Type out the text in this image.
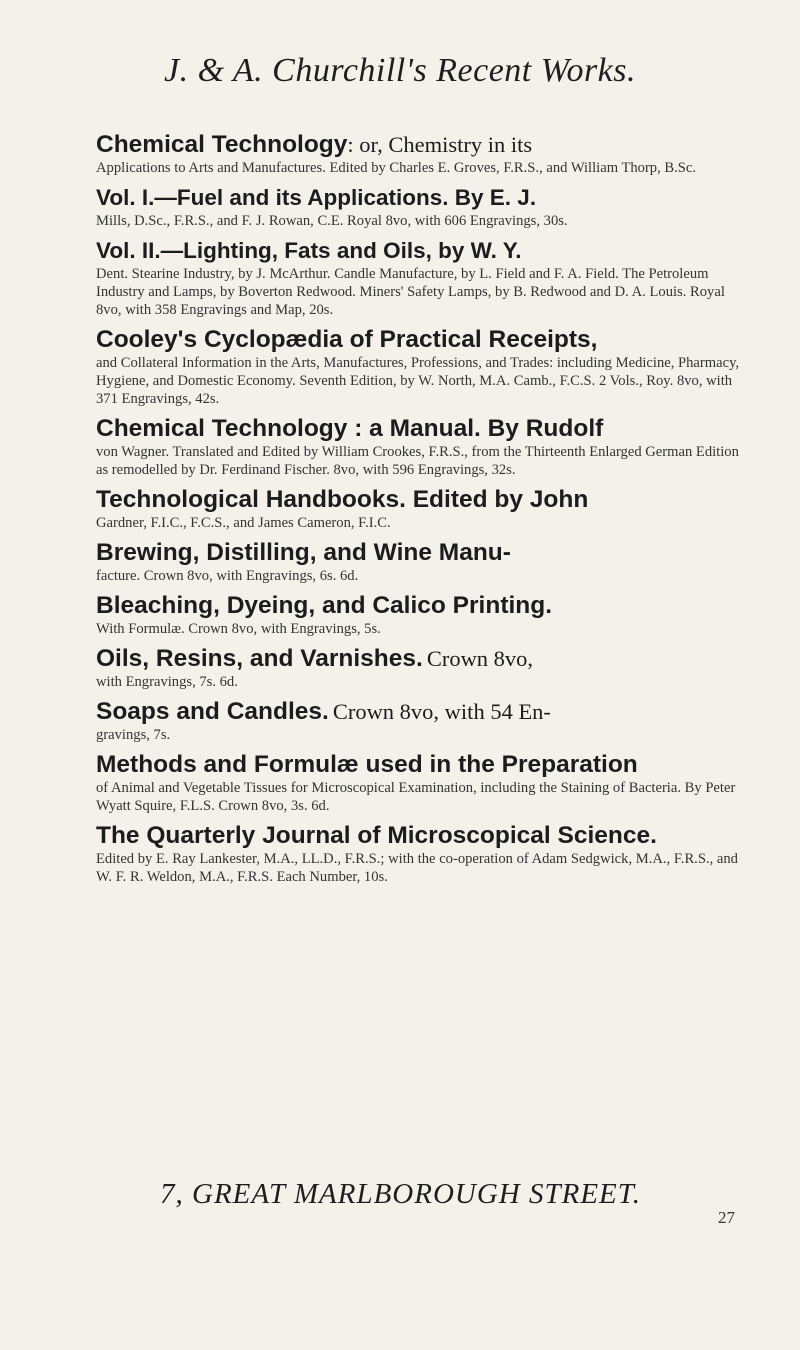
J. & A. Churchill's Recent Works.
Chemical Technology: or, Chemistry in its
Applications to Arts and Manufactures. Edited by Charles E. Groves, F.R.S., and William Thorp, B.Sc.
Vol. I.—Fuel and its Applications. By E. J.
Mills, D.Sc., F.R.S., and F. J. Rowan, C.E. Royal 8vo, with 606 Engravings, 30s.
Vol. II.—Lighting, Fats and Oils, by W. Y.
Dent. Stearine Industry, by J. McArthur. Candle Manufacture, by L. Field and F. A. Field. The Petroleum Industry and Lamps, by Boverton Redwood. Miners' Safety Lamps, by B. Redwood and D. A. Louis. Royal 8vo, with 358 Engravings and Map, 20s.
Cooley's Cyclopædia of Practical Receipts,
and Collateral Information in the Arts, Manufactures, Professions, and Trades: including Medicine, Pharmacy, Hygiene, and Domestic Economy. Seventh Edition, by W. North, M.A. Camb., F.C.S. 2 Vols., Roy. 8vo, with 371 Engravings, 42s.
Chemical Technology : a Manual. By Rudolf
von Wagner. Translated and Edited by William Crookes, F.R.S., from the Thirteenth Enlarged German Edition as remodelled by Dr. Ferdinand Fischer. 8vo, with 596 Engravings, 32s.
Technological Handbooks. Edited by John
Gardner, F.I.C., F.C.S., and James Cameron, F.I.C.
Brewing, Distilling, and Wine Manu-
facture. Crown 8vo, with Engravings, 6s. 6d.
Bleaching, Dyeing, and Calico Printing.
With Formulæ. Crown 8vo, with Engravings, 5s.
Oils, Resins, and Varnishes. Crown 8vo,
with Engravings, 7s. 6d.
Soaps and Candles. Crown 8vo, with 54 En-
gravings, 7s.
Methods and Formulæ used in the Preparation
of Animal and Vegetable Tissues for Microscopical Examination, including the Staining of Bacteria. By Peter Wyatt Squire, F.L.S. Crown 8vo, 3s. 6d.
The Quarterly Journal of Microscopical Science.
Edited by E. Ray Lankester, M.A., LL.D., F.R.S.; with the co-operation of Adam Sedgwick, M.A., F.R.S., and W. F. R. Weldon, M.A., F.R.S. Each Number, 10s.
7, GREAT MARLBOROUGH STREET.
27
